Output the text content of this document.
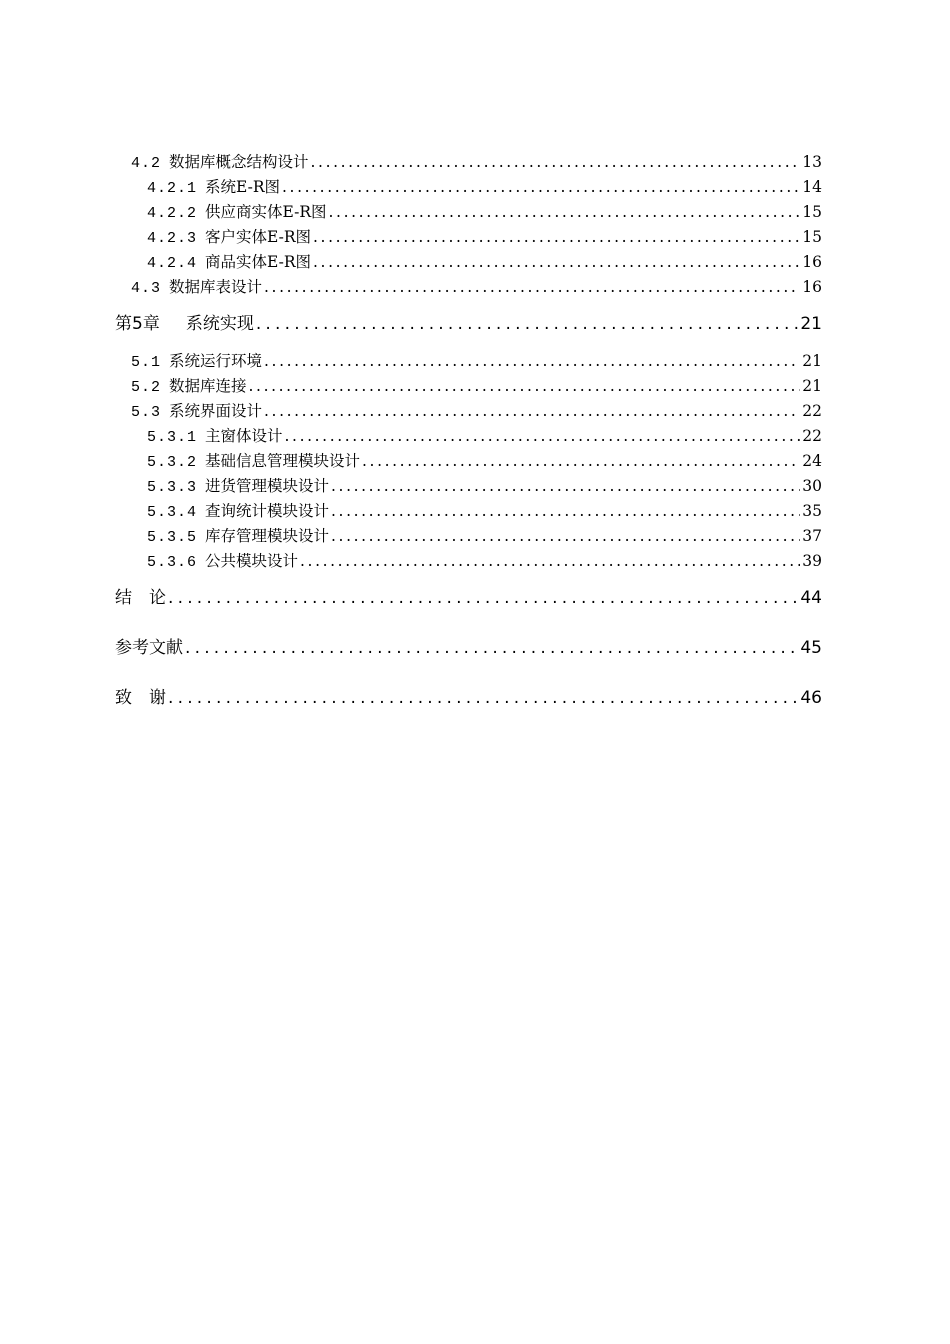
4.2 数据库概念结构设计 .....	13
4.2.1 系统E-R图 .....	14
4.2.2 供应商实体E-R图 .....	15
4.2.3 客户实体E-R图 .....	15
4.2.4 商品实体E-R图 .....	16
4.3 数据库表设计 .....	16
第5章 系统实现 .....	21
5.1 系统运行环境 .....	21
5.2 数据库连接 .....	21
5.3 系统界面设计 .....	22
5.3.1 主窗体设计 .....	22
5.3.2 基础信息管理模块设计 .....	24
5.3.3 进货管理模块设计 .....	30
5.3.4 查询统计模块设计 .....	35
5.3.5 库存管理模块设计 .....	37
5.3.6 公共模块设计 .....	39
结　论 .....	44
参考文献 .....	45
致　谢 .....	46
